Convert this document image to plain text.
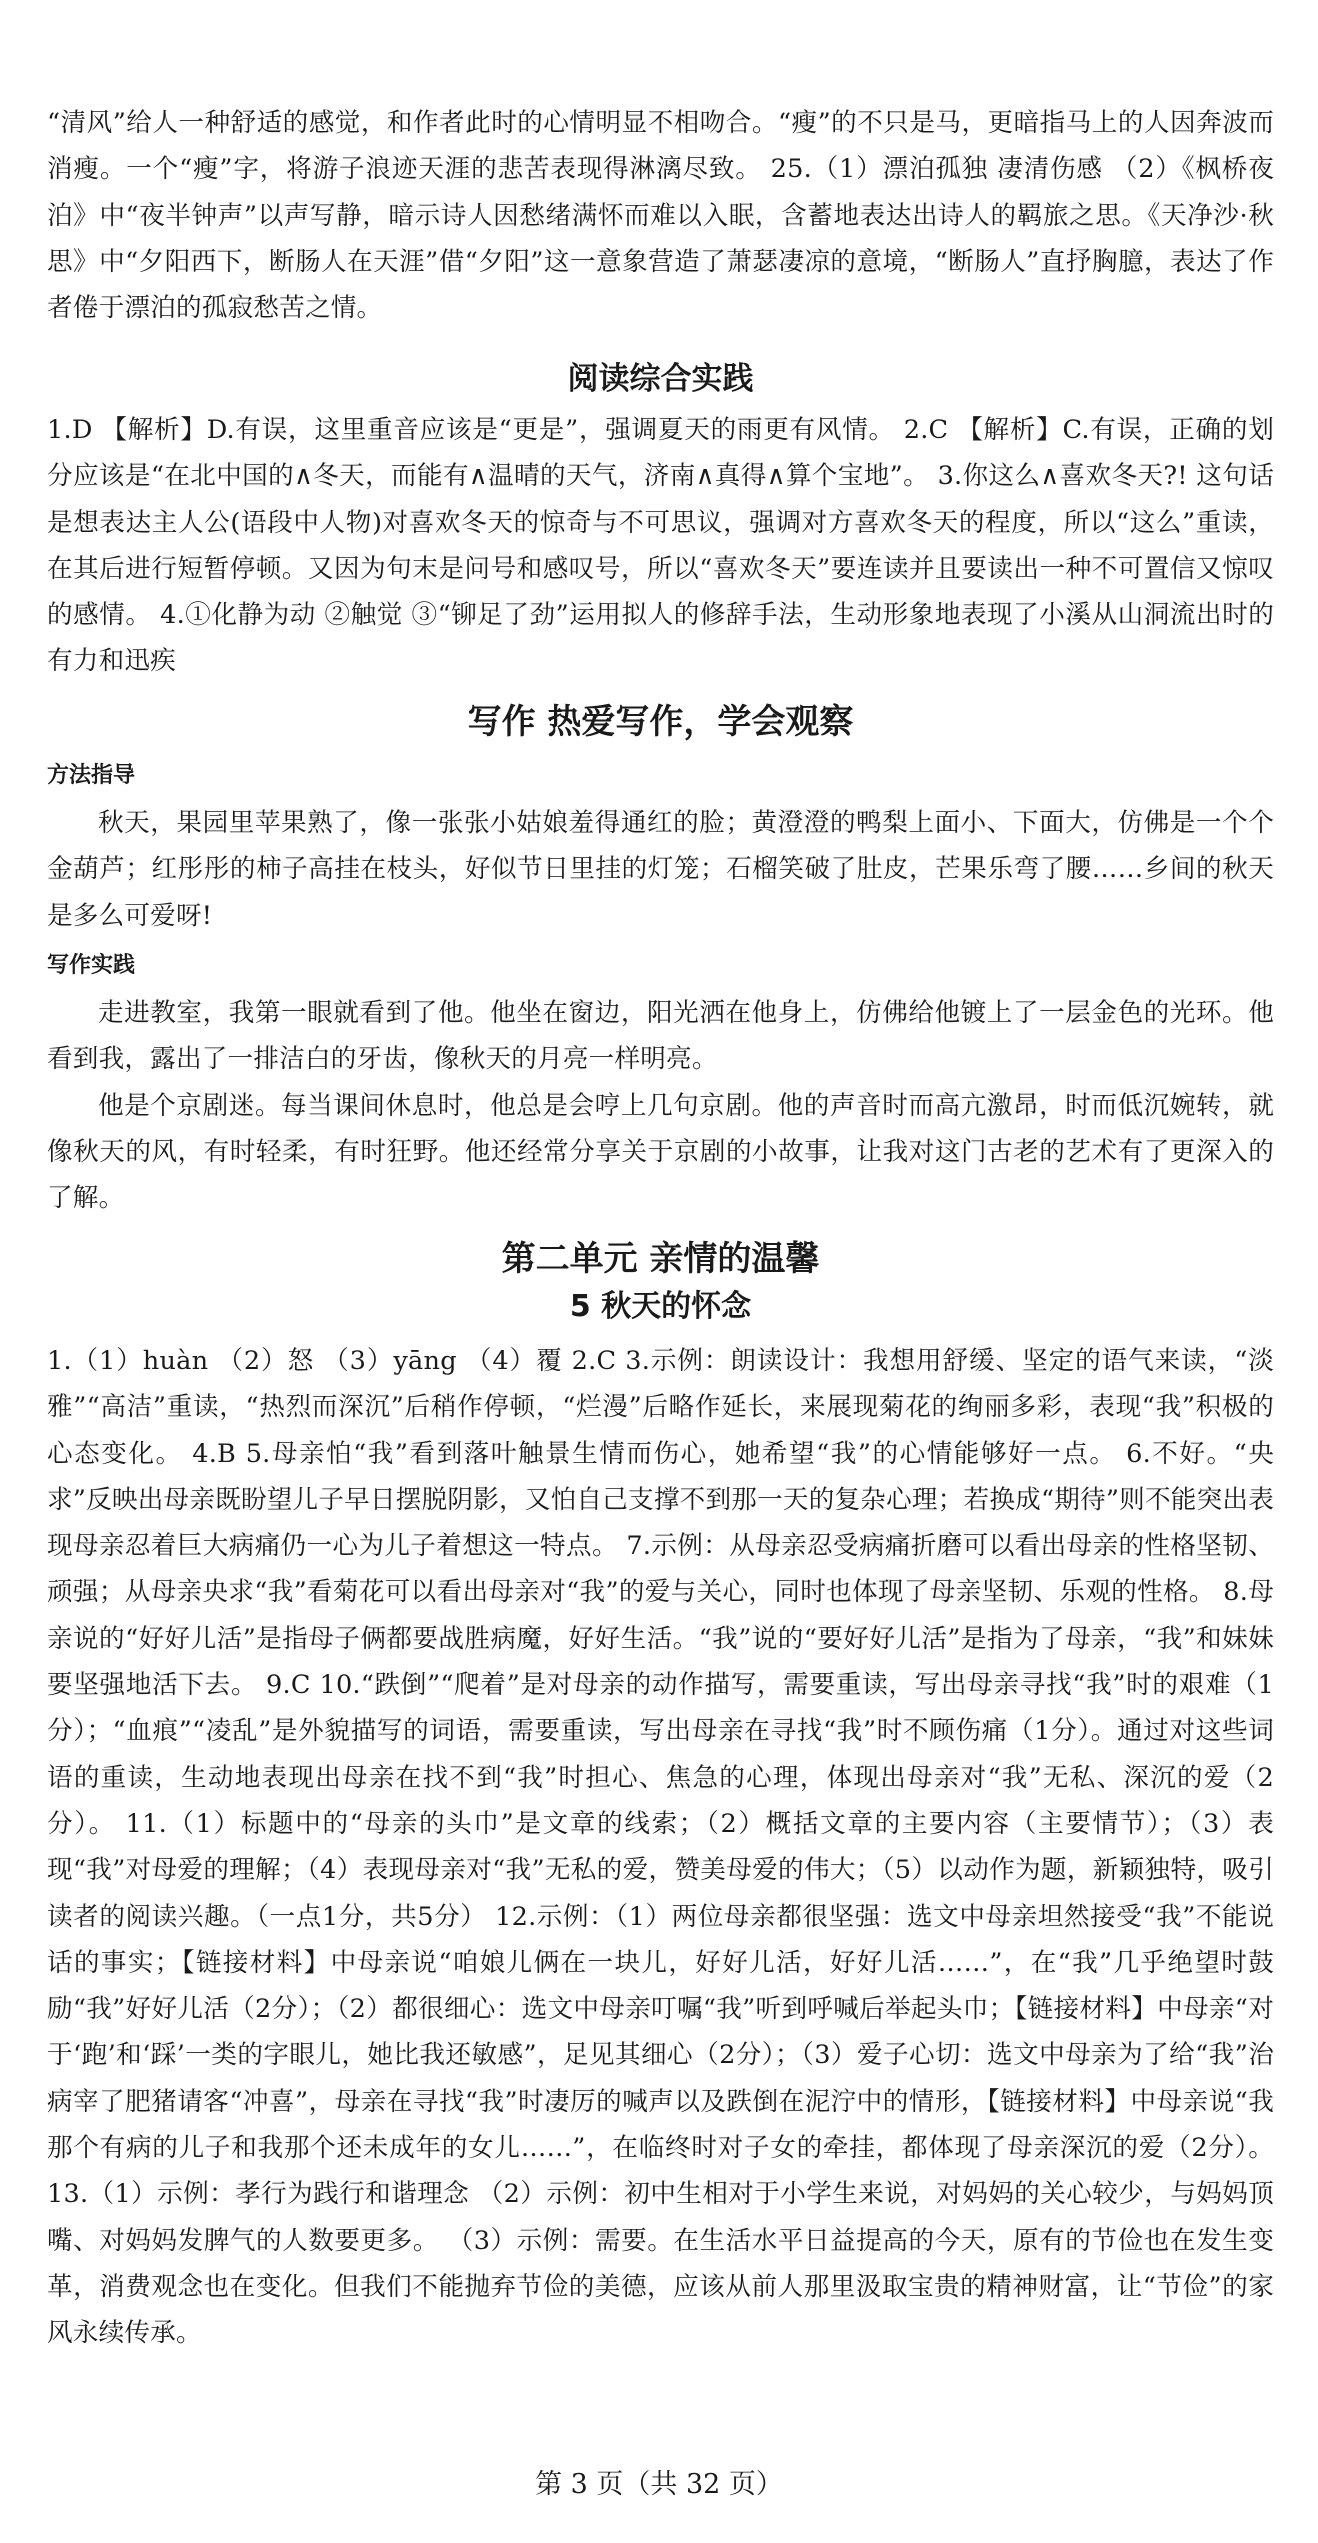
“清风”给人一种舒适的感觉，和作者此时的心情明显不相吻合。“瘦”的不只是马，更暗指马上的人因奔波而消瘦。一个“瘦”字，将游子浪迹天涯的悲苦表现得淋漓尽致。 25.（1）漂泊孤独 凄清伤感 （2）《枫桥夜泊》中“夜半钟声”以声写静，暗示诗人因愁绪满怀而难以入眠，含蓄地表达出诗人的羁旅之思。《天净沙·秋思》中“夕阳西下，断肠人在天涯”借“夕阳”这一意象营造了萧瑟凄凉的意境，“断肠人”直抒胸臆，表达了作者倦于漂泊的孤寂愁苦之情。

阅读综合实践

1.D 【解析】D.有误，这里重音应该是“更是”，强调夏天的雨更有风情。 2.C 【解析】C.有误，正确的划分应该是“在北中国的∧冬天，而能有∧温晴的天气，济南∧真得∧算个宝地”。 3.你这么∧喜欢冬天?! 这句话是想表达主人公(语段中人物)对喜欢冬天的惊奇与不可思议，强调对方喜欢冬天的程度，所以“这么”重读，在其后进行短暂停顿。又因为句末是问号和感叹号，所以“喜欢冬天”要连读并且要读出一种不可置信又惊叹的感情。 4.①化静为动 ②触觉 ③“铆足了劲”运用拟人的修辞手法，生动形象地表现了小溪从山洞流出时的有力和迅疾

写作 热爱写作，学会观察

方法指导

秋天，果园里苹果熟了，像一张张小姑娘羞得通红的脸；黄澄澄的鸭梨上面小、下面大，仿佛是一个个金葫芦；红彤彤的柿子高挂在枝头，好似节日里挂的灯笼；石榴笑破了肚皮，芒果乐弯了腰……乡间的秋天是多么可爱呀!

写作实践

走进教室，我第一眼就看到了他。他坐在窗边，阳光洒在他身上，仿佛给他镀上了一层金色的光环。他看到我，露出了一排洁白的牙齿，像秋天的月亮一样明亮。

他是个京剧迷。每当课间休息时，他总是会哼上几句京剧。他的声音时而高亢激昂，时而低沉婉转，就像秋天的风，有时轻柔，有时狂野。他还经常分享关于京剧的小故事，让我对这门古老的艺术有了更深入的了解。

第二单元 亲情的温馨
5 秋天的怀念

1.（1）huàn （2）怒 （3）yāng （4）覆 2.C 3.示例：朗读设计：我想用舒缓、坚定的语气来读，“淡雅”“高洁”重读，“热烈而深沉”后稍作停顿，“烂漫”后略作延长，来展现菊花的绚丽多彩，表现“我”积极的心态变化。 4.B 5.母亲怕“我”看到落叶触景生情而伤心，她希望“我”的心情能够好一点。 6.不好。“央求”反映出母亲既盼望儿子早日摆脱阴影，又怕自己支撑不到那一天的复杂心理；若换成“期待”则不能突出表现母亲忍着巨大病痛仍一心为儿子着想这一特点。 7.示例：从母亲忍受病痛折磨可以看出母亲的性格坚韧、顽强；从母亲央求“我”看菊花可以看出母亲对“我”的爱与关心，同时也体现了母亲坚韧、乐观的性格。 8.母亲说的“好好儿活”是指母子俩都要战胜病魔，好好生活。“我”说的“要好好儿活”是指为了母亲，“我”和妹妹要坚强地活下去。 9.C 10.“跌倒”“爬着”是对母亲的动作描写，需要重读，写出母亲寻找“我”时的艰难（1分）；“血痕”“凌乱”是外貌描写的词语，需要重读，写出母亲在寻找“我”时不顾伤痛（1分）。通过对这些词语的重读，生动地表现出母亲在找不到“我”时担心、焦急的心理，体现出母亲对“我”无私、深沉的爱（2分）。 11.（1）标题中的“母亲的头巾”是文章的线索；（2）概括文章的主要内容（主要情节）；（3）表现“我”对母爱的理解；（4）表现母亲对“我”无私的爱，赞美母爱的伟大；（5）以动作为题，新颖独特，吸引读者的阅读兴趣。（一点1分，共5分） 12.示例：（1）两位母亲都很坚强：选文中母亲坦然接受“我”不能说话的事实；【链接材料】中母亲说“咱娘儿俩在一块儿，好好儿活，好好儿活……”，在“我”几乎绝望时鼓励“我”好好儿活（2分）；（2）都很细心：选文中母亲叮嘱“我”听到呼喊后举起头巾；【链接材料】中母亲“对于‘跑’和‘踩’一类的字眼儿，她比我还敏感”，足见其细心（2分）；（3）爱子心切：选文中母亲为了给“我”治病宰了肥猪请客“冲喜”，母亲在寻找“我”时凄厉的喊声以及跌倒在泥泞中的情形，【链接材料】中母亲说“我那个有病的儿子和我那个还未成年的女儿……”，在临终时对子女的牵挂，都体现了母亲深沉的爱（2分）。 13.（1）示例：孝行为践行和谐理念 （2）示例：初中生相对于小学生来说，对妈妈的关心较少，与妈妈顶嘴、对妈妈发脾气的人数要更多。 （3）示例：需要。在生活水平日益提高的今天，原有的节俭也在发生变革，消费观念也在变化。但我们不能抛弃节俭的美德，应该从前人那里汲取宝贵的精神财富，让“节俭”的家风永续传承。

第 3 页（共 32 页）
